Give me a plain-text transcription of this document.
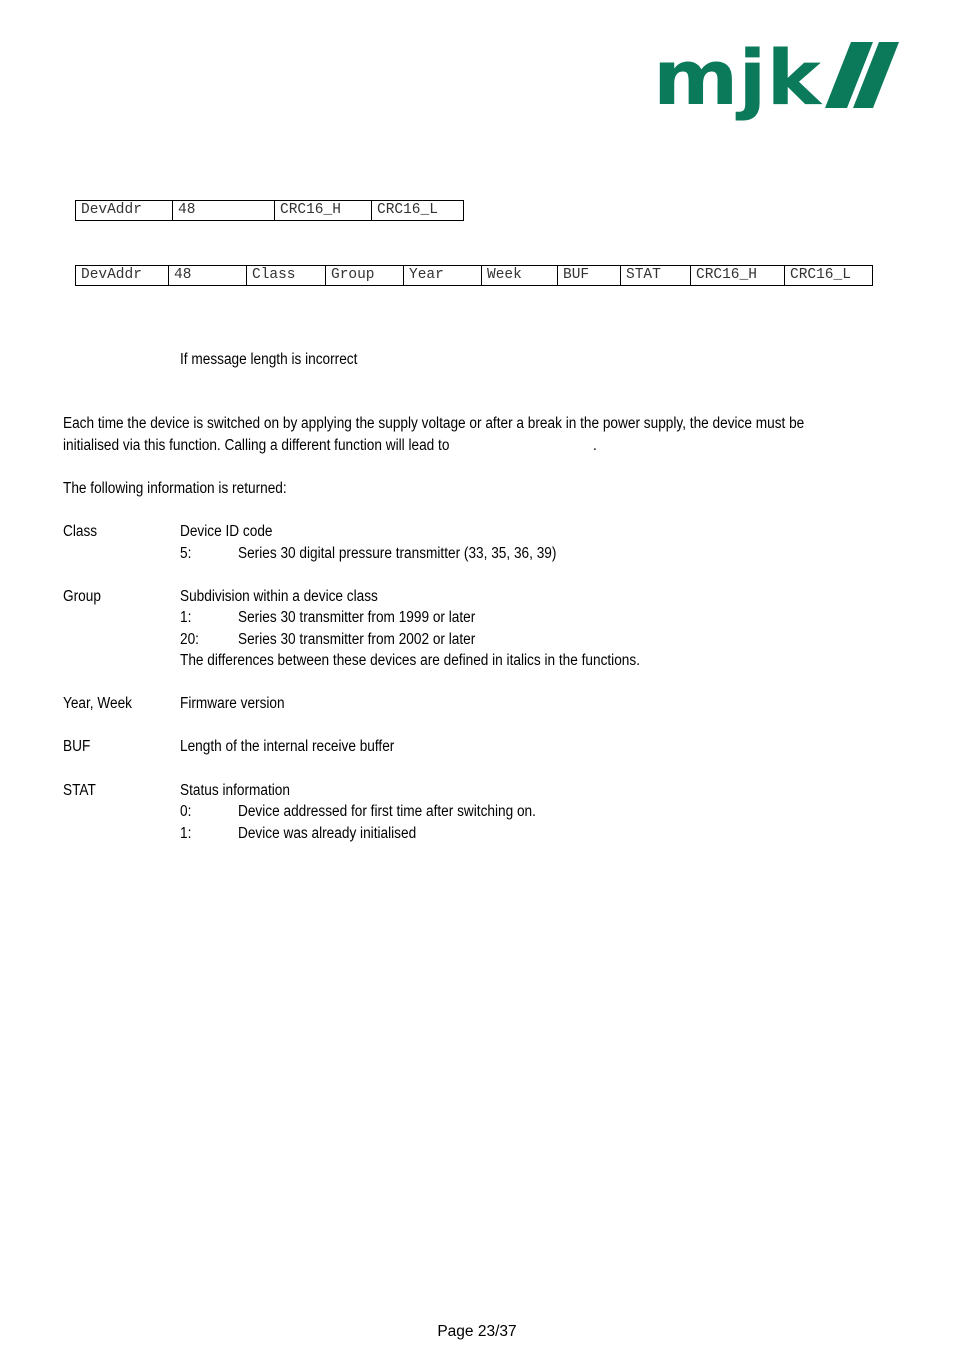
mjk
DevAddr	48	CRC16_H	CRC16_L
DevAddr	48	Class	Group	Year	Week	BUF	STAT	CRC16_H	CRC16_L
If message length is incorrect
Each time the device is switched on by applying the supply voltage or after a break in the power supply, the device must be
initialised via this function. Calling a different function will lead to	.
The following information is returned:
Class	Device ID code
5:	Series 30 digital pressure transmitter (33, 35, 36, 39)
Group	Subdivision within a device class
1:	Series 30 transmitter from 1999 or later
20:	Series 30 transmitter from 2002 or later
The differences between these devices are defined in italics in the functions.
Year, Week	Firmware version
BUF	Length of the internal receive buffer
STAT	Status information
0:	Device addressed for first time after switching on.
1:	Device was already initialised
Page 23/37
